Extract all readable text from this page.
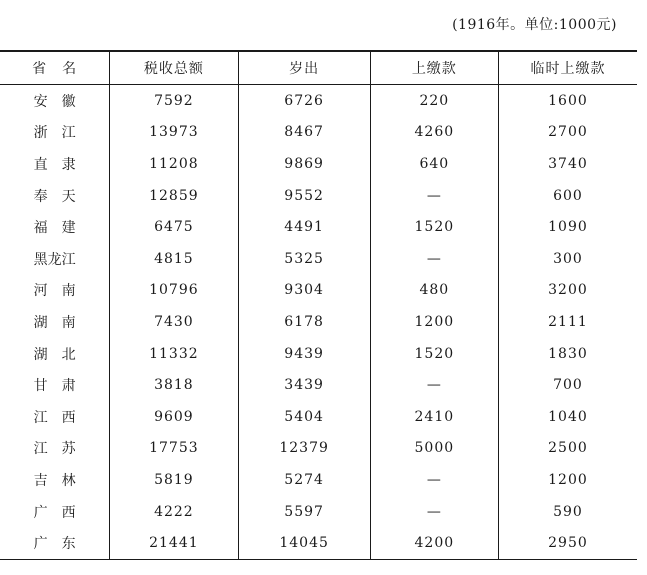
(1916年。单位:1000元)
省　名	税收总额	岁出	上缴款	临时上缴款
安　徽	7592	6726	220	1600
浙　江	13973	8467	4260	2700
直　隶	11208	9869	640	3740
奉　天	12859	9552	—	600
福　建	6475	4491	1520	1090
黑龙江	4815	5325	—	300
河　南	10796	9304	480	3200
湖　南	7430	6178	1200	2111
湖　北	11332	9439	1520	1830
甘　肃	3818	3439	—	700
江　西	9609	5404	2410	1040
江　苏	17753	12379	5000	2500
吉　林	5819	5274	—	1200
广　西	4222	5597	—	590
广　东	21441	14045	4200	2950
